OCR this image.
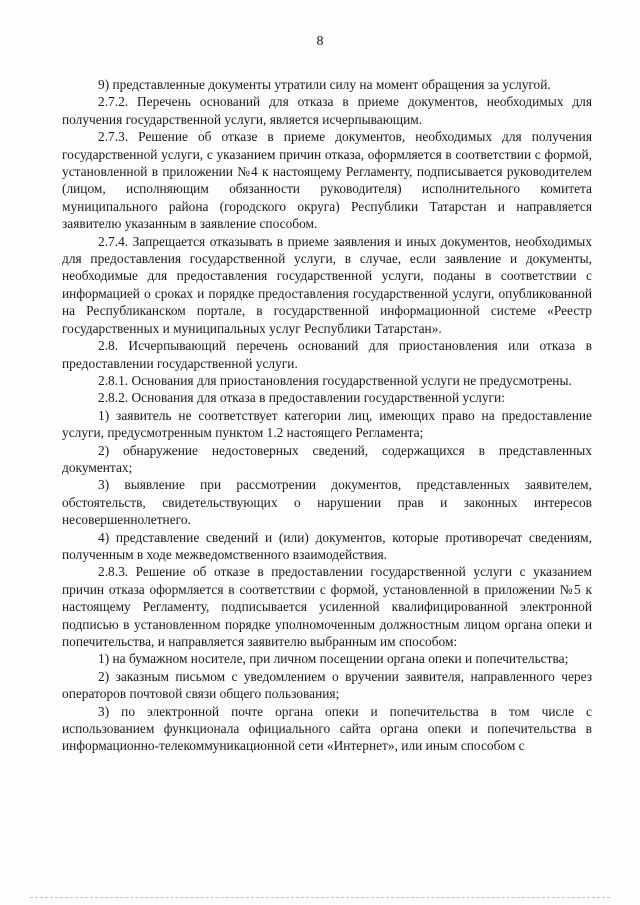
8

9) представленные документы утратили силу на момент обращения за услугой.

2.7.2. Перечень оснований для отказа в приеме документов, необходимых для получения государственной услуги, является исчерпывающим.

2.7.3. Решение об отказе в приеме документов, необходимых для получения государственной услуги, с указанием причин отказа, оформляется в соответствии с формой, установленной в приложении №4 к настоящему Регламенту, подписывается руководителем (лицом, исполняющим обязанности руководителя) исполнительного комитета муниципального района (городского округа) Республики Татарстан и направляется заявителю указанным в заявление способом.

2.7.4. Запрещается отказывать в приеме заявления и иных документов, необходимых для предоставления государственной услуги, в случае, если заявление и документы, необходимые для предоставления государственной услуги, поданы в соответствии с информацией о сроках и порядке предоставления государственной услуги, опубликованной на Республиканском портале, в государственной информационной системе «Реестр государственных и муниципальных услуг Республики Татарстан».

2.8. Исчерпывающий перечень оснований для приостановления или отказа в предоставлении государственной услуги.

2.8.1. Основания для приостановления государственной услуги не предусмотрены.

2.8.2. Основания для отказа в предоставлении государственной услуги:

1) заявитель не соответствует категории лиц, имеющих право на предоставление услуги, предусмотренным пунктом 1.2 настоящего Регламента;

2) обнаружение недостоверных сведений, содержащихся в представленных документах;

3) выявление при рассмотрении документов, представленных заявителем, обстоятельств, свидетельствующих о нарушении прав и законных интересов несовершеннолетнего.

4) представление сведений и (или) документов, которые противоречат сведениям, полученным в ходе межведомственного взаимодействия.

2.8.3. Решение об отказе в предоставлении государственной услуги с указанием причин отказа оформляется в соответствии с формой, установленной в приложении №5 к настоящему Регламенту, подписывается усиленной квалифицированной электронной подписью в установленном порядке уполномоченным должностным лицом органа опеки и попечительства, и направляется заявителю выбранным им способом:

1) на бумажном носителе, при личном посещении органа опеки и попечительства;

2) заказным письмом с уведомлением о вручении заявителя, направленного через операторов почтовой связи общего пользования;

3) по электронной почте органа опеки и попечительства в том числе с использованием функционала официального сайта органа опеки и попечительства в информационно-телекоммуникационной сети «Интернет», или иным способом с
